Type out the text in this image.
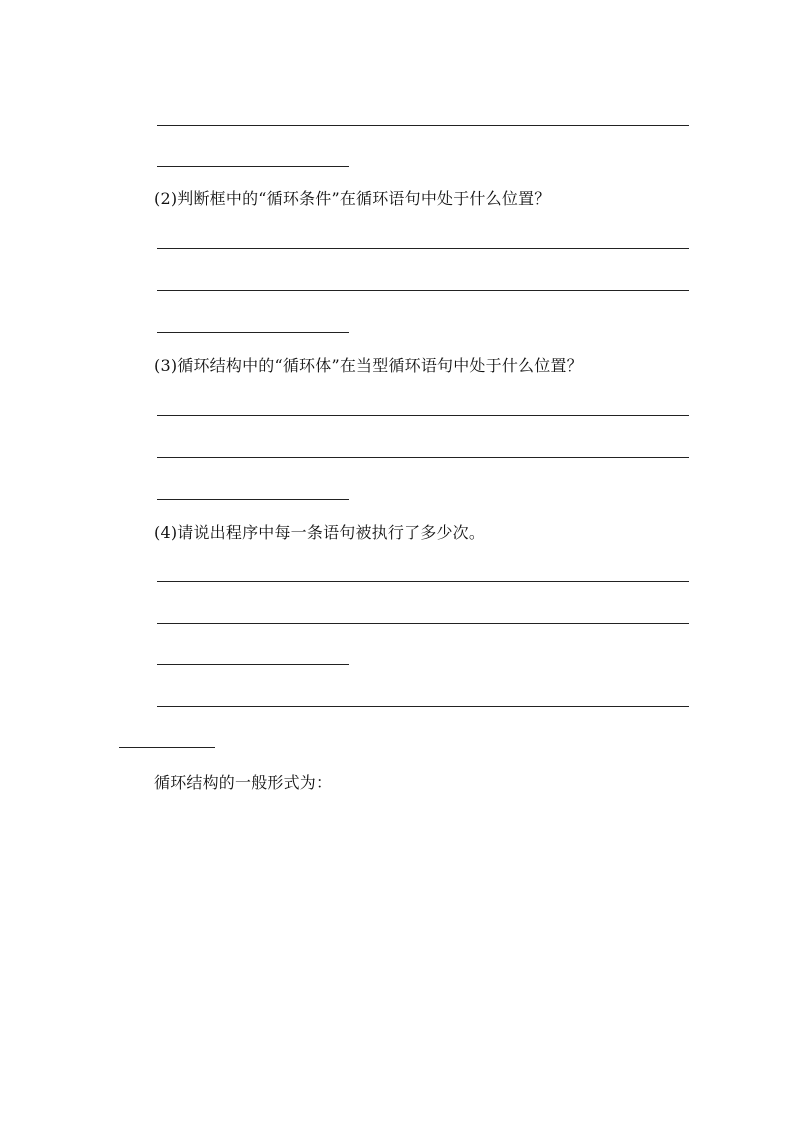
(2)判断框中的“循环条件”在循环语句中处于什么位置？
(3)循环结构中的“循环体”在当型循环语句中处于什么位置？
(4)请说出程序中每一条语句被执行了多少次。
循环结构的一般形式为：
